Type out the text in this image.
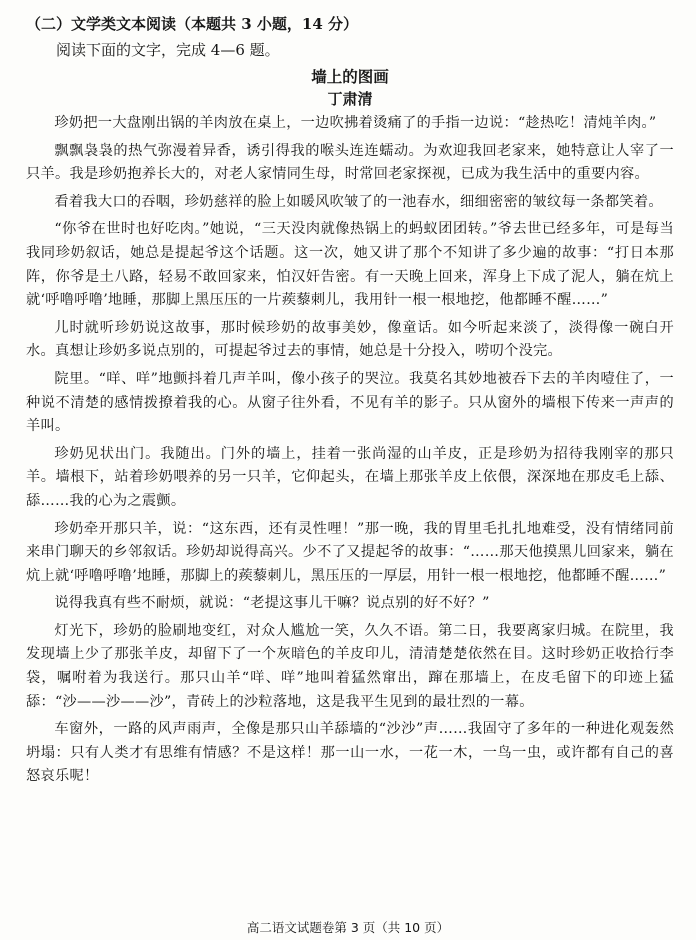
（二）文学类文本阅读（本题共 3 小题，14 分）
阅读下面的文字，完成 4—6 题。
墙上的图画
丁肃清

珍奶把一大盘刚出锅的羊肉放在桌上，一边吹拂着烫痛了的手指一边说：“趁热吃！清炖羊肉。”

飘飘袅袅的热气弥漫着异香，诱引得我的喉头连连蠕动。为欢迎我回老家来，她特意让人宰了一只羊。我是珍奶抱养长大的，对老人家情同生母，时常回老家探视，已成为我生活中的重要内容。

看着我大口的吞咽，珍奶慈祥的脸上如暖风吹皱了的一池春水，细细密密的皱纹每一条都笑着。

“你爷在世时也好吃肉。”她说，“三天没肉就像热锅上的蚂蚁团团转。”爷去世已经多年，可是每当我同珍奶叙话，她总是提起爷这个话题。这一次，她又讲了那个不知讲了多少遍的故事：“打日本那阵，你爷是土八路，轻易不敢回家来，怕汉奸告密。有一天晚上回来，浑身上下成了泥人，躺在炕上就‘呼噜呼噜’地睡，那脚上黑压压的一片蒺藜刺儿，我用针一根一根地挖，他都睡不醒……”

儿时就听珍奶说这故事，那时候珍奶的故事美妙，像童话。如今听起来淡了，淡得像一碗白开水。真想让珍奶多说点别的，可提起爷过去的事情，她总是十分投入，唠叨个没完。

院里。“咩、咩”地颤抖着几声羊叫，像小孩子的哭泣。我莫名其妙地被吞下去的羊肉噎住了，一种说不清楚的感情拨撩着我的心。从窗子往外看，不见有羊的影子。只从窗外的墙根下传来一声声的羊叫。

珍奶见状出门。我随出。门外的墙上，挂着一张尚湿的山羊皮，正是珍奶为招待我刚宰的那只羊。墙根下，站着珍奶喂养的另一只羊，它仰起头，在墙上那张羊皮上依偎，深深地在那皮毛上舔、舔……我的心为之震颤。

珍奶牵开那只羊，说：“这东西，还有灵性哩！”那一晚，我的胃里毛扎扎地难受，没有情绪同前来串门聊天的乡邻叙话。珍奶却说得高兴。少不了又提起爷的故事：“……那天他摸黑儿回家来，躺在炕上就‘呼噜呼噜’地睡，那脚上的蒺藜刺儿，黑压压的一厚层，用针一根一根地挖，他都睡不醒……”

说得我真有些不耐烦，就说：“老提这事儿干嘛？说点别的好不好？”

灯光下，珍奶的脸刷地变红，对众人尴尬一笑，久久不语。第二日，我要离家归城。在院里，我发现墙上少了那张羊皮，却留下了一个灰暗色的羊皮印儿，清清楚楚依然在目。这时珍奶正收拾行李袋，嘱咐着为我送行。那只山羊“咩、咩”地叫着猛然窜出，蹿在那墙上，在皮毛留下的印迹上猛舔：“沙——沙——沙”，青砖上的沙粒落地，这是我平生见到的最壮烈的一幕。

车窗外，一路的风声雨声，全像是那只山羊舔墙的“沙沙”声……我固守了多年的一种进化观轰然坍塌：只有人类才有思维有情感？不是这样！那一山一水，一花一木，一鸟一虫，或许都有自己的喜怒哀乐呢！

高二语文试题卷第 3 页（共 10 页）
